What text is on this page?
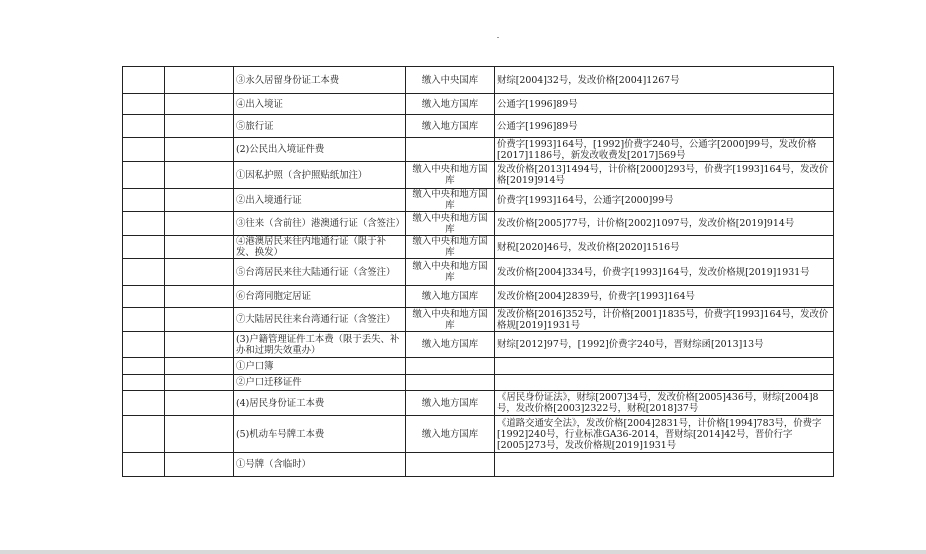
		③永久居留身份证工本费	缴入中央国库	财综[2004]32号，发改价格[2004]1267号
		④出入境证	缴入地方国库	公通字[1996]89号
		⑤旅行证	缴入地方国库	公通字[1996]89号
		(2)公民出入境证件费		价费字[1993]164号，[1992]价费字240号，公通字[2000]99号，发改价格[2017]1186号，新发改收费发[2017]569号
		①因私护照（含护照贴纸加注）	缴入中央和地方国库	发改价格[2013]1494号，计价格[2000]293号，价费字[1993]164号，发改价格[2019]914号
		②出入境通行证	缴入中央和地方国库	价费字[1993]164号，公通字[2000]99号
		③往来（含前往）港澳通行证（含签注）	缴入中央和地方国库	发改价格[2005]77号，计价格[2002]1097号，发改价格[2019]914号
		④港澳居民来往内地通行证（限于补发、换发）	缴入中央和地方国库	财税[2020]46号，发改价格[2020]1516号
		⑤台湾居民来往大陆通行证（含签注）	缴入中央和地方国库	发改价格[2004]334号，价费字[1993]164号，发改价格规[2019]1931号
		⑥台湾同胞定居证	缴入地方国库	发改价格[2004]2839号，价费字[1993]164号
		⑦大陆居民往来台湾通行证（含签注）	缴入中央和地方国库	发改价格[2016]352号，计价格[2001]1835号，价费字[1993]164号，发改价格规[2019]1931号
		(3)户籍管理证件工本费（限于丢失、补办和过期失效重办）	缴入地方国库	财综[2012]97号，[1992]价费字240号，晋财综函[2013]13号
		①户口簿		
		②户口迁移证件		
		(4)居民身份证工本费	缴入地方国库	《居民身份证法》，财综[2007]34号，发改价格[2005]436号，财综[2004]8号，发改价格[2003]2322号，财税[2018]37号
		(5)机动车号牌工本费	缴入地方国库	《道路交通安全法》，发改价格[2004]2831号，计价格[1994]783号，价费字[1992]240号，行业标准GA36-2014，晋财综[2014]42号，晋价行字[2005]273号，发改价格规[2019]1931号
		①号牌（含临时）		
